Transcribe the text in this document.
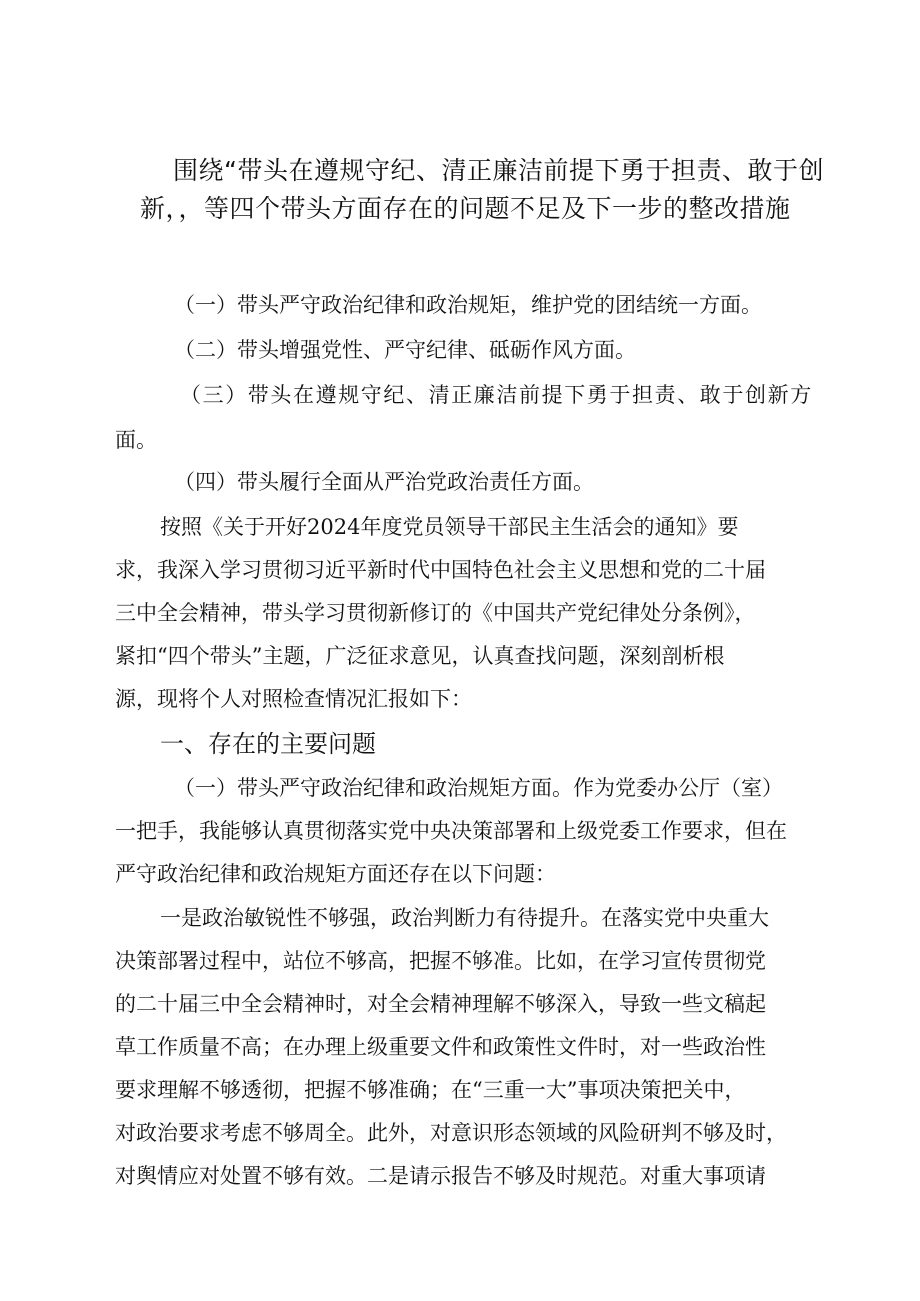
围绕“带头在遵规守纪、清正廉洁前提下勇于担责、敢于创
新，，等四个带头方面存在的问题不足及下一步的整改措施
（一）带头严守政治纪律和政治规矩，维护党的团结统一方面。
（二）带头增强党性、严守纪律、砥砺作风方面。
（三）带头在遵规守纪、清正廉洁前提下勇于担责、敢于创新方
面。
（四）带头履行全面从严治党政治责任方面。
按照《关于开好2024年度党员领导干部民主生活会的通知》要
求，我深入学习贯彻习近平新时代中国特色社会主义思想和党的二十届
三中全会精神，带头学习贯彻新修订的《中国共产党纪律处分条例》，
紧扣“四个带头”主题，广泛征求意见，认真查找问题，深刻剖析根
源，现将个人对照检查情况汇报如下：
一、存在的主要问题
（一）带头严守政治纪律和政治规矩方面。作为党委办公厅（室）
一把手，我能够认真贯彻落实党中央决策部署和上级党委工作要求，但在
严守政治纪律和政治规矩方面还存在以下问题：
一是政治敏锐性不够强，政治判断力有待提升。在落实党中央重大
决策部署过程中，站位不够高，把握不够准。比如，在学习宣传贯彻党
的二十届三中全会精神时，对全会精神理解不够深入，导致一些文稿起
草工作质量不高；在办理上级重要文件和政策性文件时，对一些政治性
要求理解不够透彻，把握不够准确；在“三重一大”事项决策把关中，
对政治要求考虑不够周全。此外，对意识形态领域的风险研判不够及时，
对舆情应对处置不够有效。二是请示报告不够及时规范。对重大事项请
